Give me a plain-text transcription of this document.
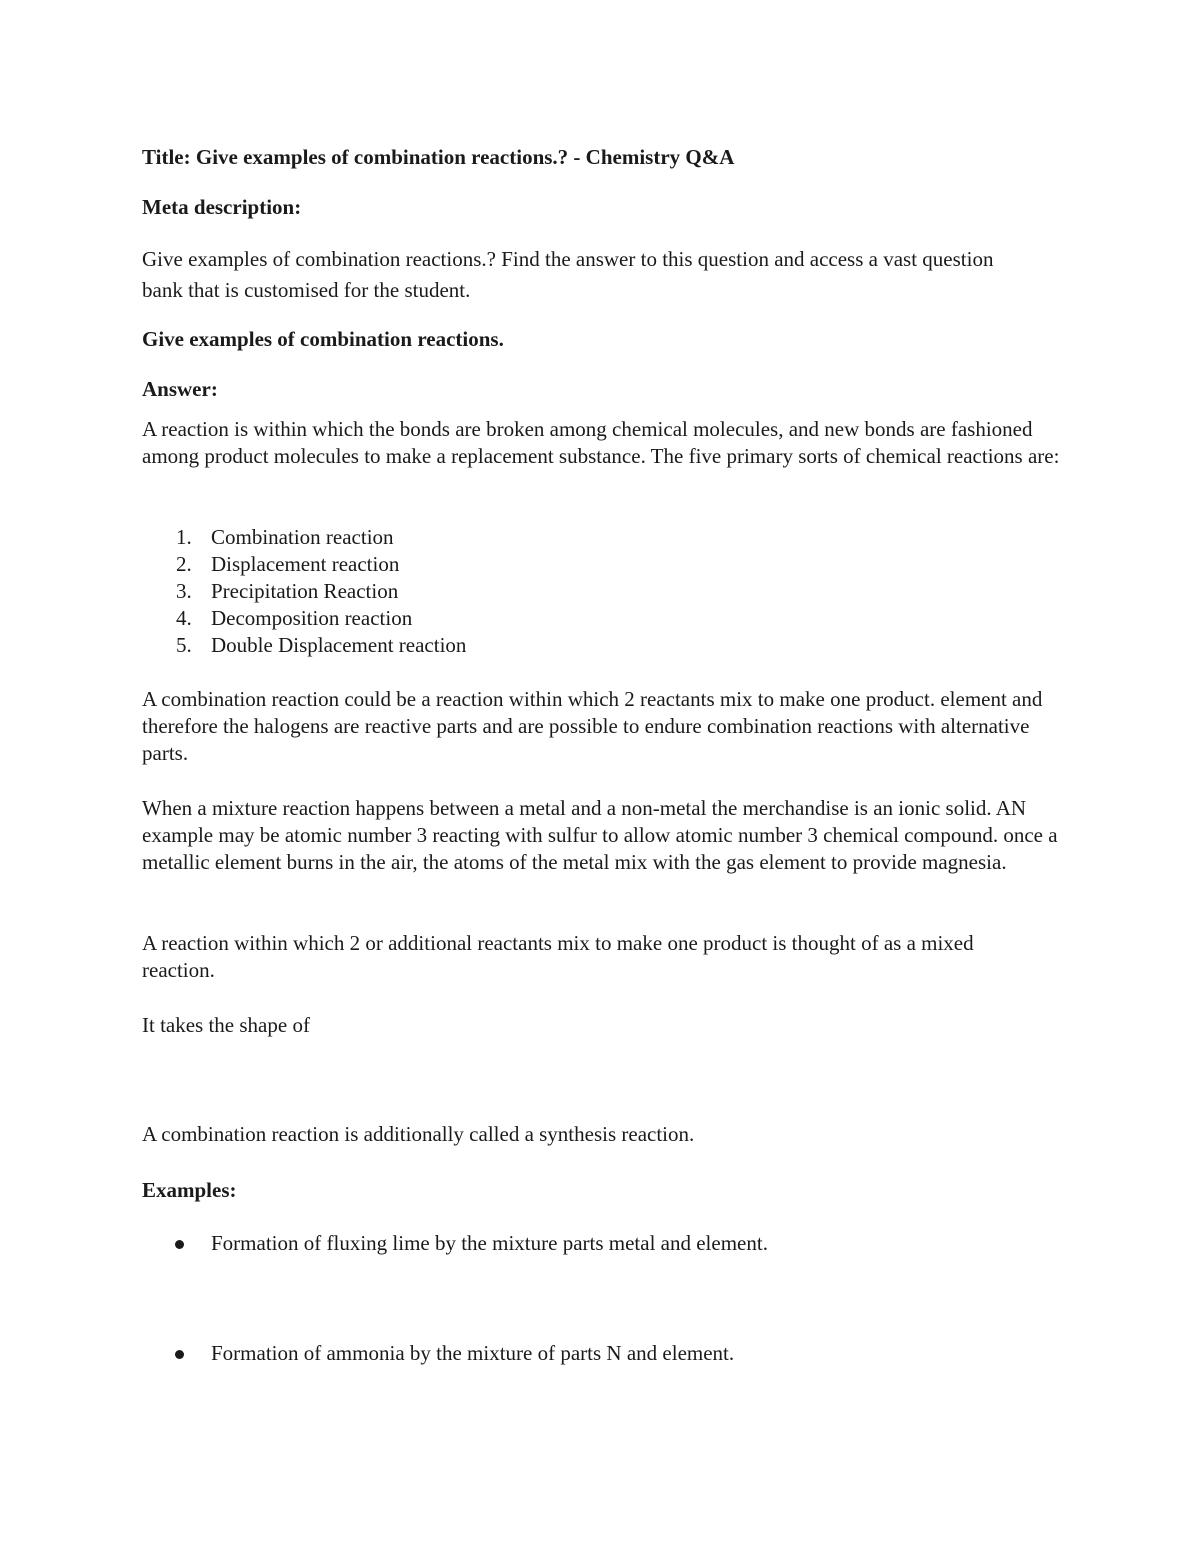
Title: Give examples of combination reactions.? - Chemistry Q&A

Meta description:

Give examples of combination reactions.? Find the answer to this question and access a vast question bank that is customised for the student.

Give examples of combination reactions.

Answer:

A reaction is within which the bonds are broken among chemical molecules, and new bonds are fashioned among product molecules to make a replacement substance. The five primary sorts of chemical reactions are:

1. Combination reaction
2. Displacement reaction
3. Precipitation Reaction
4. Decomposition reaction
5. Double Displacement reaction

A combination reaction could be a reaction within which 2 reactants mix to make one product. element and therefore the halogens are reactive parts and are possible to endure combination reactions with alternative parts.

When a mixture reaction happens between a metal and a non-metal the merchandise is an ionic solid. AN example may be atomic number 3 reacting with sulfur to allow atomic number 3 chemical compound. once a metallic element burns in the air, the atoms of the metal mix with the gas element to provide magnesia.

A reaction within which 2 or additional reactants mix to make one product is thought of as a mixed reaction.

It takes the shape of

A combination reaction is additionally called a synthesis reaction.

Examples:

Formation of fluxing lime by the mixture parts metal and element.
Formation of ammonia by the mixture of parts N and element.
